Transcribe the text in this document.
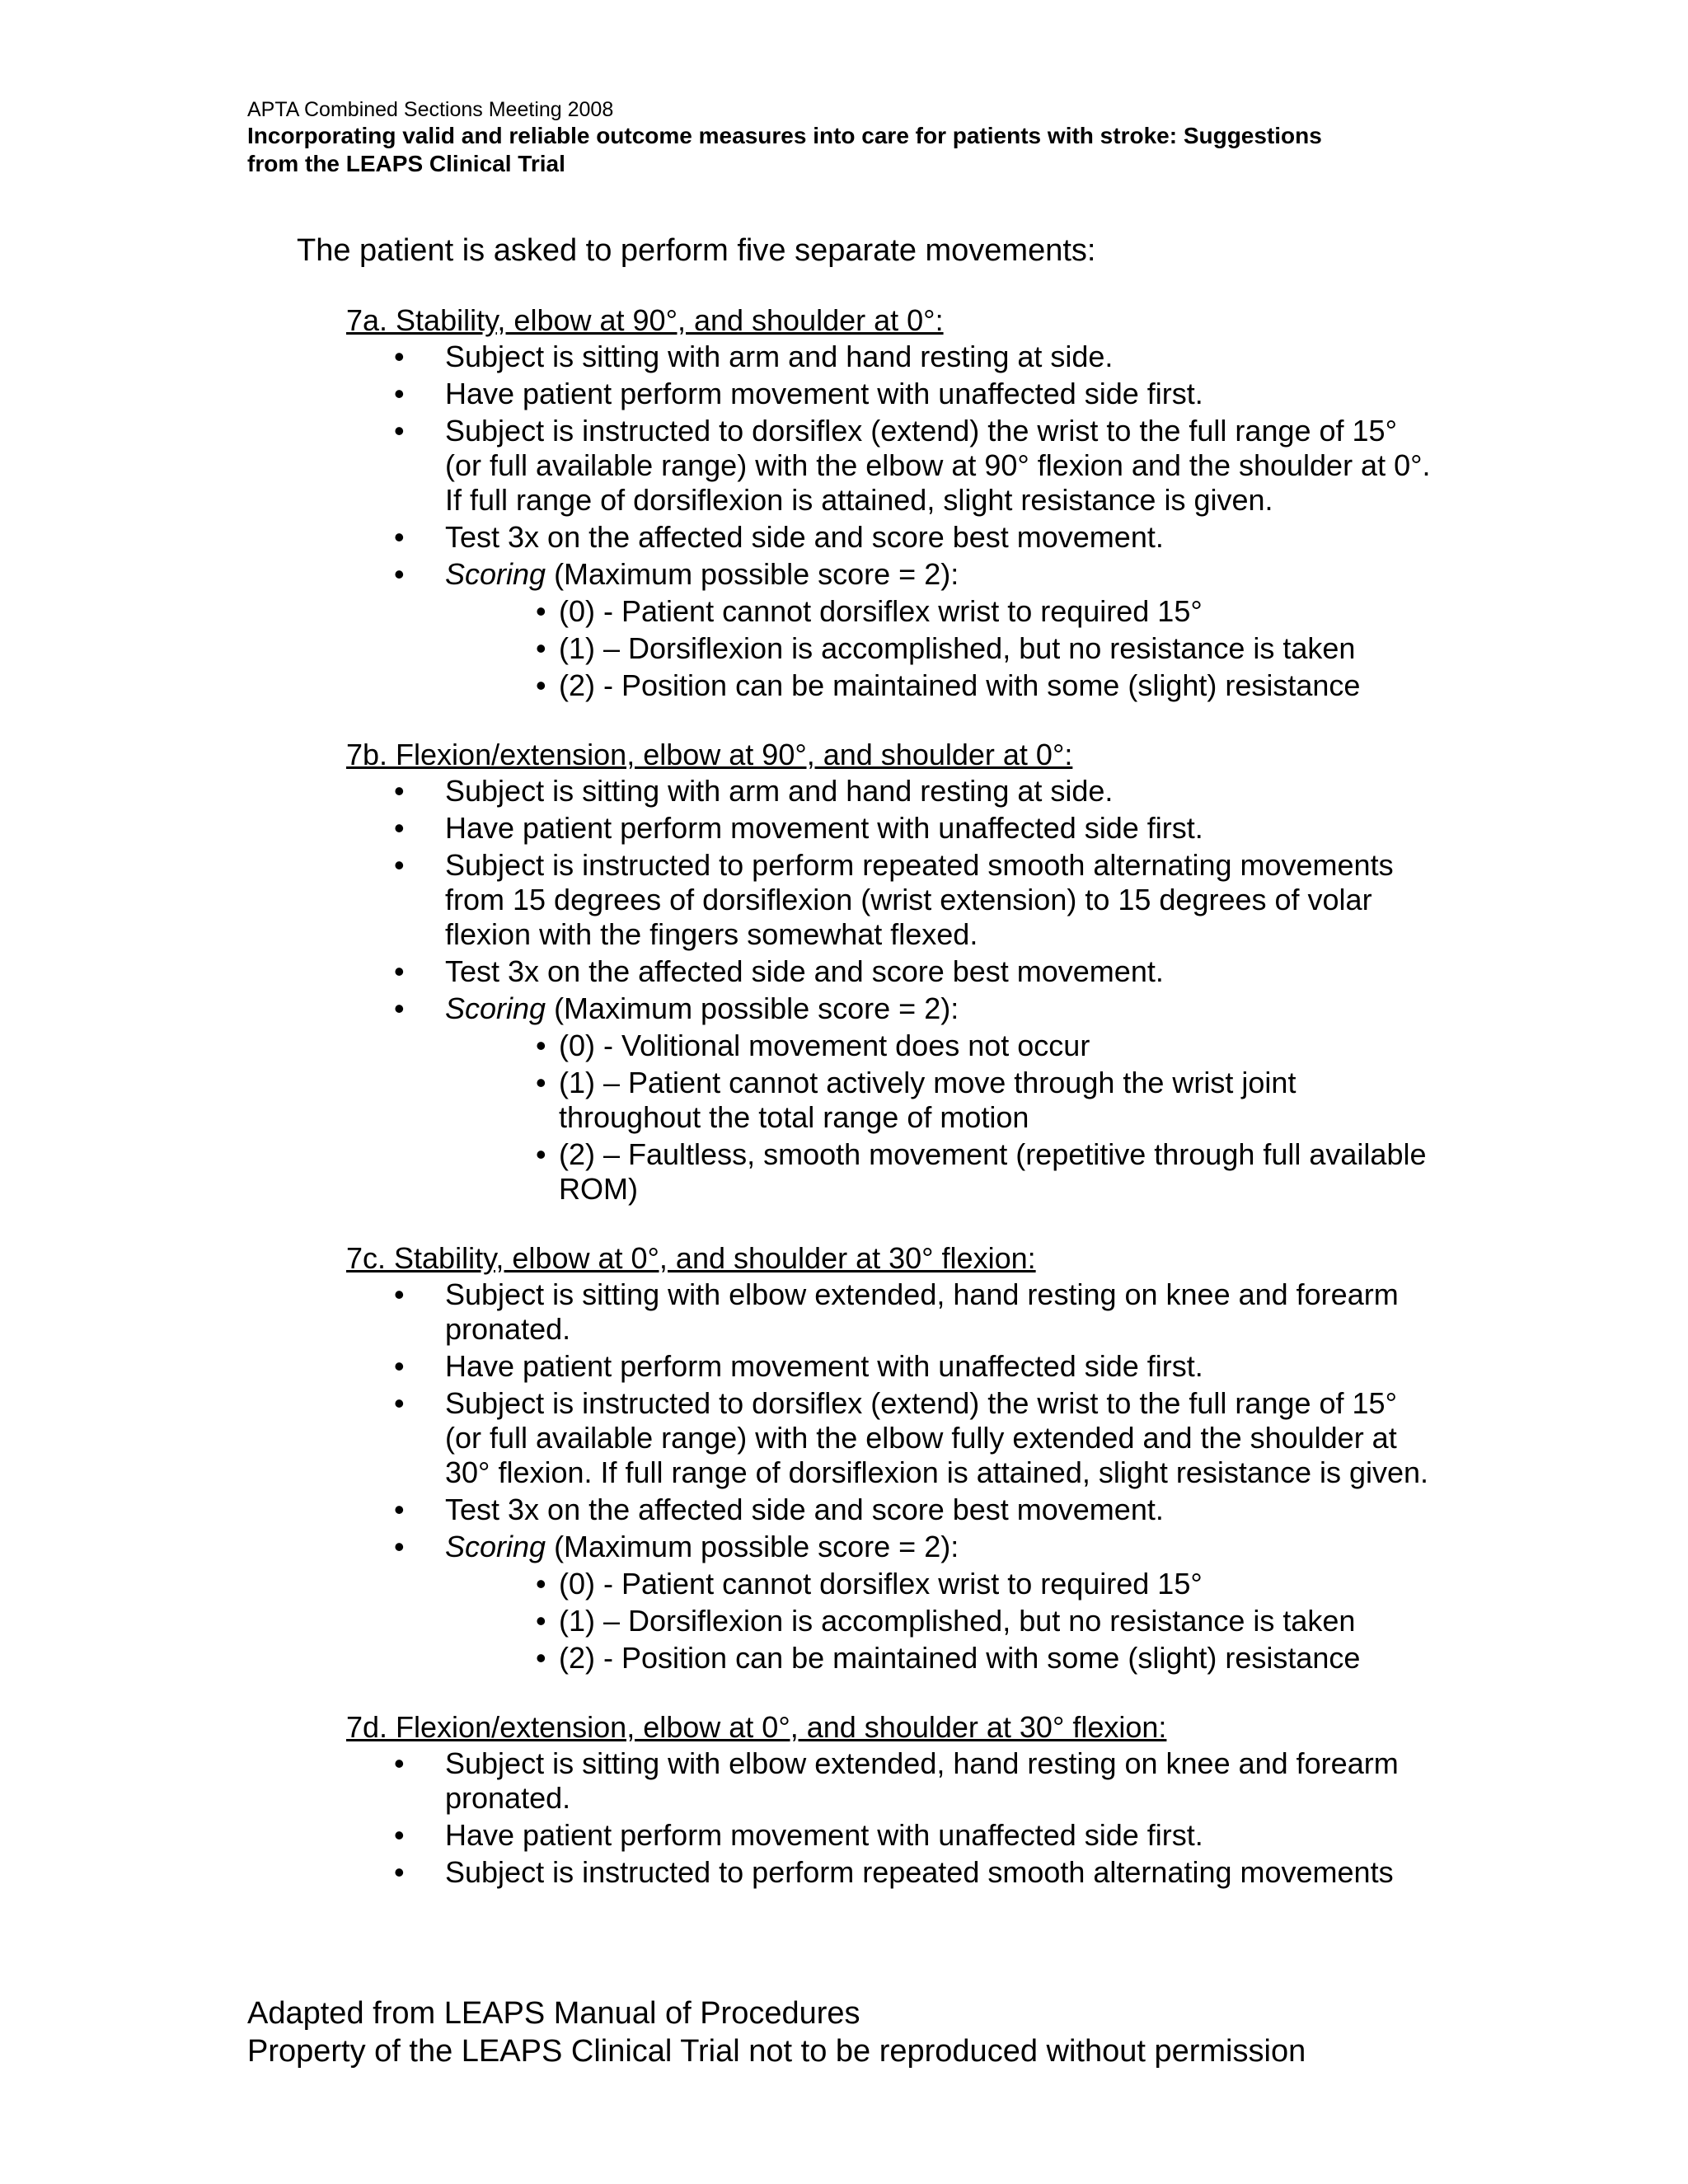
APTA Combined Sections Meeting 2008
Incorporating valid and reliable outcome measures into care for patients with stroke: Suggestions
from the LEAPS Clinical Trial
The patient is asked to perform five separate movements:
7a. Stability, elbow at 90°, and shoulder at 0°:
• Subject is sitting with arm and hand resting at side.
• Have patient perform movement with unaffected side first.
• Subject is instructed to dorsiflex (extend) the wrist to the full range of 15° (or full available range) with the elbow at 90° flexion and the shoulder at 0°. If full range of dorsiflexion is attained, slight resistance is given.
• Test 3x on the affected side and score best movement.
• Scoring (Maximum possible score = 2):
• (0) - Patient cannot dorsiflex wrist to required 15°
• (1) – Dorsiflexion is accomplished, but no resistance is taken
• (2) - Position can be maintained with some (slight) resistance
7b. Flexion/extension, elbow at 90°, and shoulder at 0°:
• Subject is sitting with arm and hand resting at side.
• Have patient perform movement with unaffected side first.
• Subject is instructed to perform repeated smooth alternating movements from 15 degrees of dorsiflexion (wrist extension) to 15 degrees of volar flexion with the fingers somewhat flexed.
• Test 3x on the affected side and score best movement.
• Scoring (Maximum possible score = 2):
• (0) - Volitional movement does not occur
• (1) – Patient cannot actively move through the wrist joint throughout the total range of motion
• (2) – Faultless, smooth movement (repetitive through full available ROM)
7c. Stability, elbow at 0°, and shoulder at 30° flexion:
• Subject is sitting with elbow extended, hand resting on knee and forearm pronated.
• Have patient perform movement with unaffected side first.
• Subject is instructed to dorsiflex (extend) the wrist to the full range of 15° (or full available range) with the elbow fully extended and the shoulder at 30° flexion. If full range of dorsiflexion is attained, slight resistance is given.
• Test 3x on the affected side and score best movement.
• Scoring (Maximum possible score = 2):
• (0) - Patient cannot dorsiflex wrist to required 15°
• (1) – Dorsiflexion is accomplished, but no resistance is taken
• (2) - Position can be maintained with some (slight) resistance
7d. Flexion/extension, elbow at 0°, and shoulder at 30° flexion:
• Subject is sitting with elbow extended, hand resting on knee and forearm pronated.
• Have patient perform movement with unaffected side first.
• Subject is instructed to perform repeated smooth alternating movements
Adapted from LEAPS Manual of Procedures
Property of the LEAPS Clinical Trial not to be reproduced without permission
